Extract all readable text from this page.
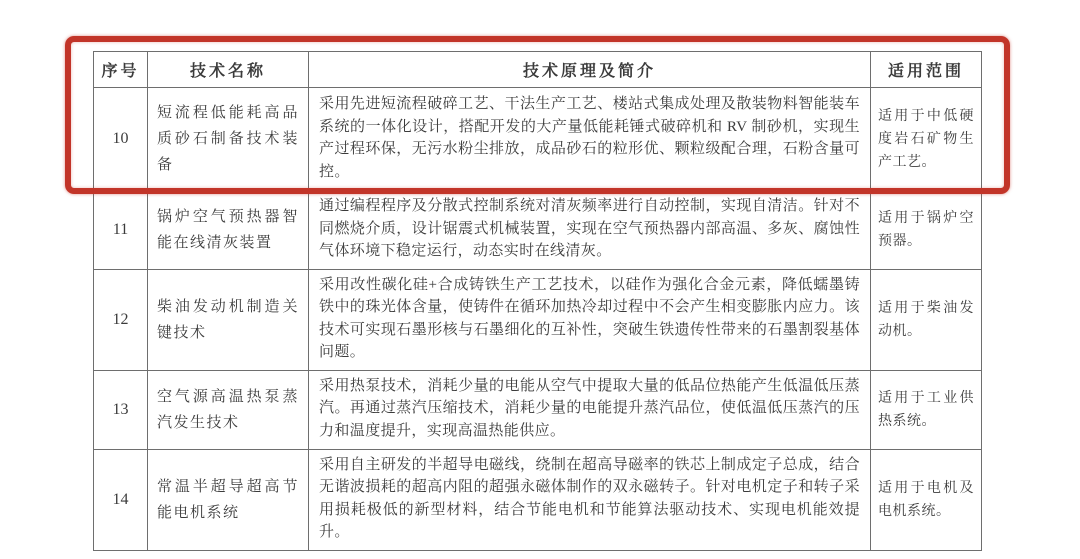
序号	技术名称	技术原理及简介	适用范围
10	短流程低能耗高品质砂石制备技术装备	采用先进短流程破碎工艺、干法生产工艺、楼站式集成处理及散装物料智能装车系统的一体化设计，搭配开发的大产量低能耗锤式破碎机和 RV 制砂机，实现生产过程环保，无污水粉尘排放，成品砂石的粒形优、颗粒级配合理，石粉含量可控。	适用于中低硬度岩石矿物生产工艺。
11	锅炉空气预热器智能在线清灰装置	通过编程程序及分散式控制系统对清灰频率进行自动控制，实现自清洁。针对不同燃烧介质，设计锯震式机械装置，实现在空气预热器内部高温、多灰、腐蚀性气体环境下稳定运行，动态实时在线清灰。	适用于锅炉空预器。
12	柴油发动机制造关键技术	采用改性碳化硅+合成铸铁生产工艺技术，以硅作为强化合金元素，降低蠕墨铸铁中的珠光体含量，使铸件在循环加热冷却过程中不会产生相变膨胀内应力。该技术可实现石墨形核与石墨细化的互补性，突破生铁遗传性带来的石墨割裂基体问题。	适用于柴油发动机。
13	空气源高温热泵蒸汽发生技术	采用热泵技术，消耗少量的电能从空气中提取大量的低品位热能产生低温低压蒸汽。再通过蒸汽压缩技术，消耗少量的电能提升蒸汽品位，使低温低压蒸汽的压力和温度提升，实现高温热能供应。	适用于工业供热系统。
14	常温半超导超高节能电机系统	采用自主研发的半超导电磁线，绕制在超高导磁率的铁芯上制成定子总成，结合无谐波损耗的超高内阻的超强永磁体制作的双永磁转子。针对电机定子和转子采用损耗极低的新型材料，结合节能电机和节能算法驱动技术、实现电机能效提升。	适用于电机及电机系统。
